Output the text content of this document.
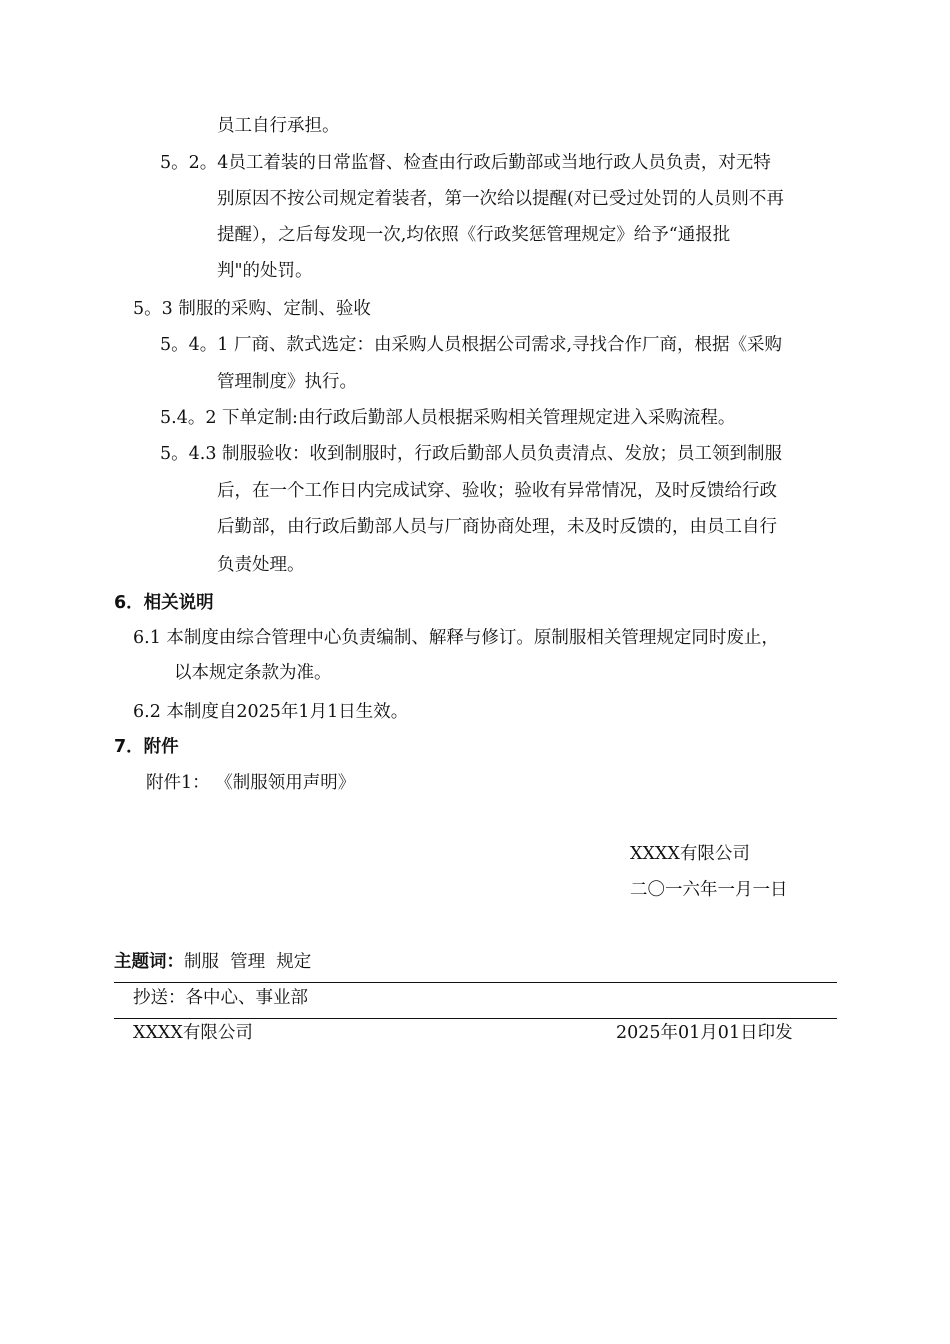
员工自行承担。
5。2。4员工着装的日常监督、检查由行政后勤部或当地行政人员负责，对无特
别原因不按公司规定着装者，第一次给以提醒(对已受过处罚的人员则不再
提醒），之后每发现一次,均依照《行政奖惩管理规定》给予“通报批
判"的处罚。
5。3 制服的采购、定制、验收
5。4。1 厂商、款式选定：由采购人员根据公司需求,寻找合作厂商，根据《采购
管理制度》执行。
5.4。2 下单定制:由行政后勤部人员根据采购相关管理规定进入采购流程。
5。4.3 制服验收：收到制服时，行政后勤部人员负责清点、发放；员工领到制服
后，在一个工作日内完成试穿、验收；验收有异常情况，及时反馈给行政
后勤部，由行政后勤部人员与厂商协商处理，未及时反馈的，由员工自行
负责处理。
6．相关说明
6.1 本制度由综合管理中心负责编制、解释与修订。原制服相关管理规定同时废止，
以本规定条款为准。
6.2 本制度自2025年1月1日生效。
7．附件
附件1： 《制服领用声明》
XXXX有限公司
二〇一六年一月一日
主题词：制服  管理  规定
抄送：各中心、事业部
XXXX有限公司	2025年01月01日印发
